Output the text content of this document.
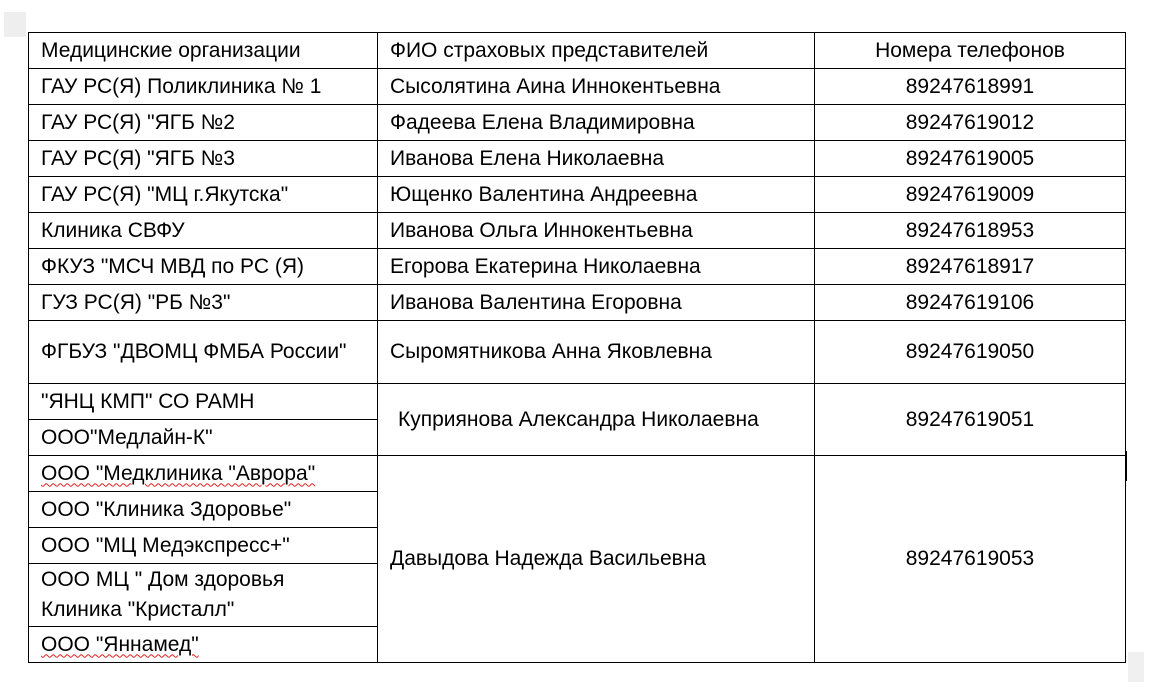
Медицинские организации	ФИО страховых представителей	Номера телефонов
ГАУ РС(Я) Поликлиника № 1	Сысолятина Аина Иннокентьевна	89247618991
ГАУ РС(Я) "ЯГБ №2	Фадеева Елена Владимировна	89247619012
ГАУ РС(Я) "ЯГБ №3	Иванова Елена Николаевна	89247619005
ГАУ РС(Я) "МЦ г.Якутска"	Ющенко Валентина Андреевна	89247619009
Клиника СВФУ	Иванова Ольга Иннокентьевна	89247618953
ФКУЗ "МСЧ МВД по РС (Я)	Егорова Екатерина Николаевна	89247618917
ГУЗ РС(Я) "РБ №3"	Иванова Валентина Егоровна	89247619106
ФГБУЗ "ДВОМЦ ФМБА России"	Сыромятникова Анна Яковлевна	89247619050
"ЯНЦ КМП" СО РАМН	Куприянова Александра Николаевна	89247619051
ООО"Медлайн-К"		
ООО "Медклиника "Аврора"	Давыдова Надежда Васильевна	89247619053
ООО "Клиника Здоровье"		
ООО "МЦ Медэкспресс+"		
ООО МЦ " Дом здоровья Клиника "Кристалл"		
ООО "Яннамед"		
